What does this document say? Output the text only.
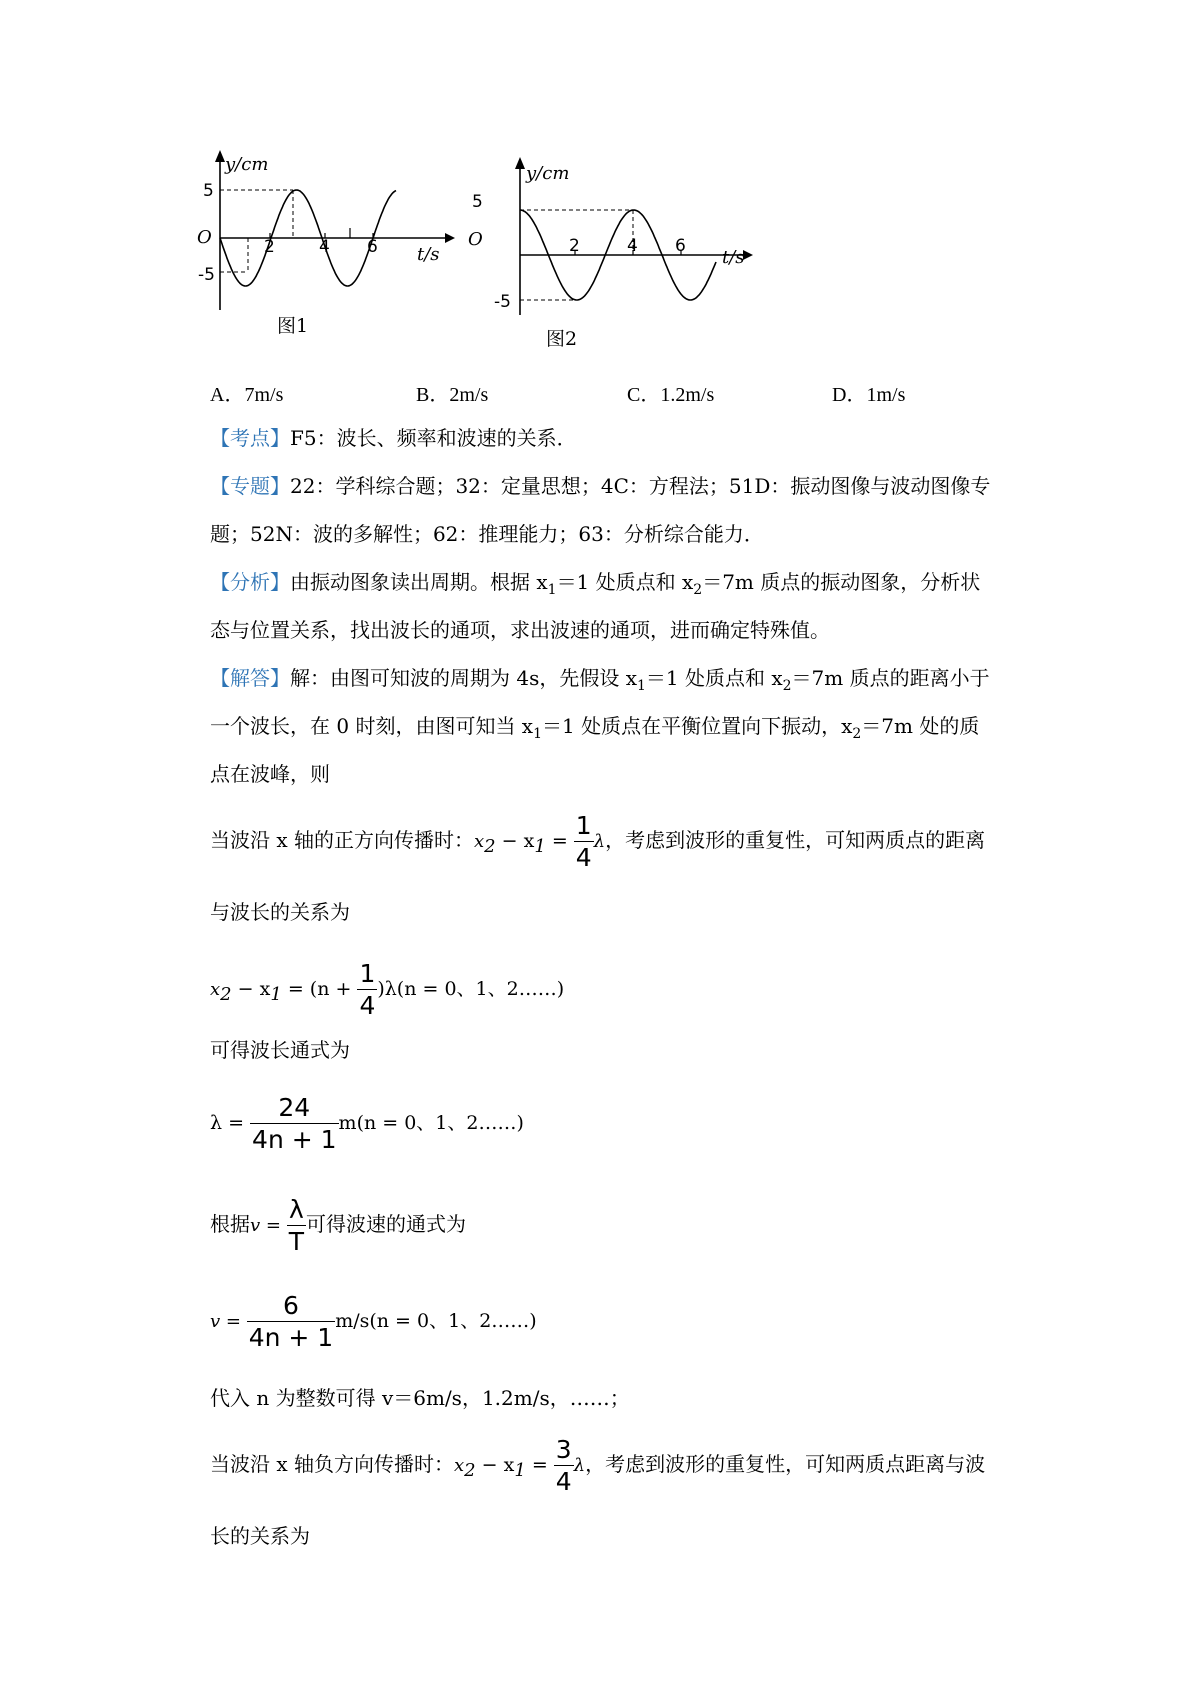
y/cm
t/s
O
5
-5
2	4 6
图1
y/cm
t/s
O
5
-5
2	4 6
图2
A．7m/s	B．2m/s	C．1.2m/s	D．1m/s
【考点】F5：波长、频率和波速的关系．
【专题】22：学科综合题；32：定量思想；4C：方程法；51D：振动图像与波动图像专
题；52N：波的多解性；62：推理能力；63：分析综合能力．
【分析】由振动图象读出周期。根据 $x_1=1$ 处质点和 $x_2=7m$ 质点的振动图象，分析状
态与位置关系，找出波长的通项，求出波速的通项，进而确定特殊值。
【解答】解：由图可知波的周期为 4s，先假设 $x_1=1$ 处质点和 $x_2=7m$ 质点的距离小于
一个波长，在 0 时刻，由图可知当 $x_1=1$ 处质点在平衡位置向下振动，$x_2=7m$ 处的质
点在波峰，则
当波沿 x 轴的正方向传播时：$x2 - x1 = \frac{1}{4}$ λ，考虑到波形的重复性，可知两质点的距离
与波长的关系为
$x2 - x1 = (n + \frac{1}{4} )\lambda(n = 0$、1、2……)
可得波长通式为
$\lambda = \frac{24}{4n + 1} m(n = 0$、1、2……)
根据$v = \frac{\lambda}{T}$ 可得波速的通式为
$v = \frac{6}{4n + 1} m/s(n = 0$、1、2……)
代入 n 为整数可得 v＝6m/s，1.2m/s，……；
当波沿 x 轴负方向传播时：$x2 - x1 = \frac{3}{4}$ λ，考虑到波形的重复性，可知两质点距离与波
长的关系为
